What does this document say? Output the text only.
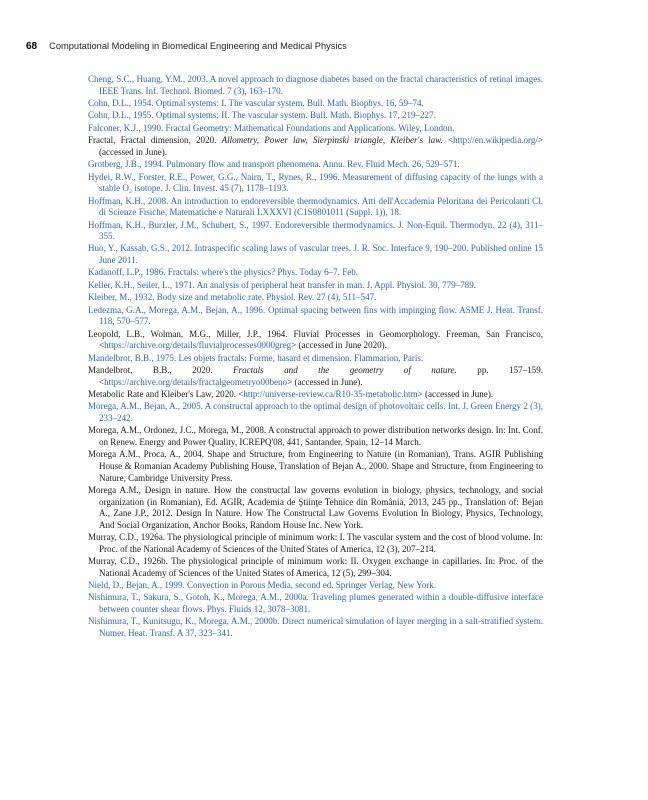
68 Computational Modeling in Biomedical Engineering and Medical Physics
Cheng, S.C., Huang, Y.M., 2003. A novel approach to diagnose diabetes based on the fractal characteristics of retinal images. IEEE Trans. Inf. Technol. Biomed. 7 (3), 163–170.
Cohn, D.L., 1954. Optimal systems: I. The vascular system. Bull. Math. Biophys. 16, 59–74.
Cohn, D.L., 1955. Optimal systems: II. The vascular system. Bull. Math. Biophys. 17, 219–227.
Falconer, K.J., 1990. Fractal Geometry: Mathematical Foundations and Applications. Wiley, London.
Fractal, Fractal dimension, 2020. Allometry, Power law, Sierpinski triangle, Kleiber's law. <http://en.wikipedia.org/> (accessed in June).
Grotberg, J.B., 1994. Pulmonary flow and transport phenomena. Annu. Rev. Fluid Mech. 26, 529–571.
Hydei, R.W., Forster, R.E., Power, G.G., Nairn, T., Rynes, R., 1996. Measurement of diffusing capacity of the lungs with a stable O₂ isotope. J. Clin. Invest. 45 (7), 1178–1193.
Hoffman, K.H., 2008. An introduction to endoreversible thermodynamics. Atti dell'Accademia Peloritana dei Pericolanti Cl. di Scienze Fisiche, Matematiche e Naturali LXXXVI (C1S0801011 (Suppl. 1)), 18.
Hoffman, K.H., Burzler, J.M., Schubert, S., 1997. Endoreversible thermodynamics. J. Non-Equil. Thermodyn. 22 (4), 311–355.
Huo, Y., Kassab, G.S., 2012. Intraspecific scaling laws of vascular trees. J. R. Soc. Interface 9, 190–200. Published online 15 June 2011.
Kadanoff, L.P., 1986. Fractals: where's the physics? Phys. Today 6–7. Feb.
Keller, K.H., Seiler, L., 1971. An analysis of peripheral heat transfer in man. J. Appl. Physiol. 30, 779–789.
Kleiber, M., 1932. Body size and metabolic rate. Physiol. Rev. 27 (4), 511–547.
Ledezma, G.A., Morega, A.M., Bejan, A., 1996. Optimal spacing between fins with impinging flow. ASME J. Heat. Transf. 118, 570–577.
Leopold, L.B., Wolman, M.G., Miller, J.P., 1964. Fluvial Processes in Geomorphology. Freeman, San Francisco, <https://archive.org/details/fluvialprocesses0000greg> (accessed in June 2020).
Mandelbrot, B.B., 1975. Les objets fractals: Forme, hasard et dimension. Flammarion, Paris.
Mandelbrot, B.B., 2020. Fractals and the geometry of nature. pp. 157–159. <https://archive.org/details/fractalgeometryo00beno> (accessed in June).
Metabolic Rate and Kleiber's Law, 2020. <http://universe-review.ca/R10-35-metabolic.htm> (accessed in June).
Morega, A.M., Bejan, A., 2005. A constructal approach to the optimal design of photovoltaic cells. Int. J. Green Energy 2 (3), 233–242.
Morega, A.M., Ordonez, J.C., Morega, M., 2008. A constructal approach to power distribution networks design. In: Int. Conf. on Renew. Energy and Power Quality, ICREPQ'08, 441, Santander, Spain, 12–14 March.
Morega A.M., Proca, A., 2004. Shape and Structure, from Engineering to Nature (in Romanian), Trans. AGIR Publishing House & Romanian Academy Publishing House, Translation of Bejan A., 2000. Shape and Structure, from Engineering to Nature, Cambridge University Press.
Morega A.M., Design in nature. How the constructal law governs evolution in biology, physics, technology, and social organization (in Romanian), Ed. AGIR, Academia de Ştiinţe Tehnice din România, 2013, 245 pp., Translation of: Bejan A., Zane J.P., 2012. Design In Nature. How The Constructal Law Governs Evolution In Biology, Physics, Technology, And Social Organization, Anchor Books, Random House Inc. New York.
Murray, C.D., 1926a. The physiological principle of minimum work: I. The vascular system and the cost of blood volume. In: Proc. of the National Academy of Sciences of the United States of America, 12 (3), 207–214.
Murray, C.D., 1926b. The physiological principle of minimum work: II. Oxygen exchange in capillaries. In: Proc. of the National Academy of Sciences of the United States of America, 12 (5), 299–304.
Nield, D., Bejan, A., 1999. Convection in Porous Media, second ed. Springer Verlag, New York.
Nishimura, T., Sakura, S., Gotoh, K., Morega, A.M., 2000a. Traveling plumes generated within a double-diffusive interface between counter shear flows. Phys. Fluids 12, 3078–3081.
Nishimura, T., Kunitsugu, K., Morega, A.M., 2000b. Direct numerical simulation of layer merging in a salt-stratified system. Numer. Heat. Transf. A 37, 323–341.
